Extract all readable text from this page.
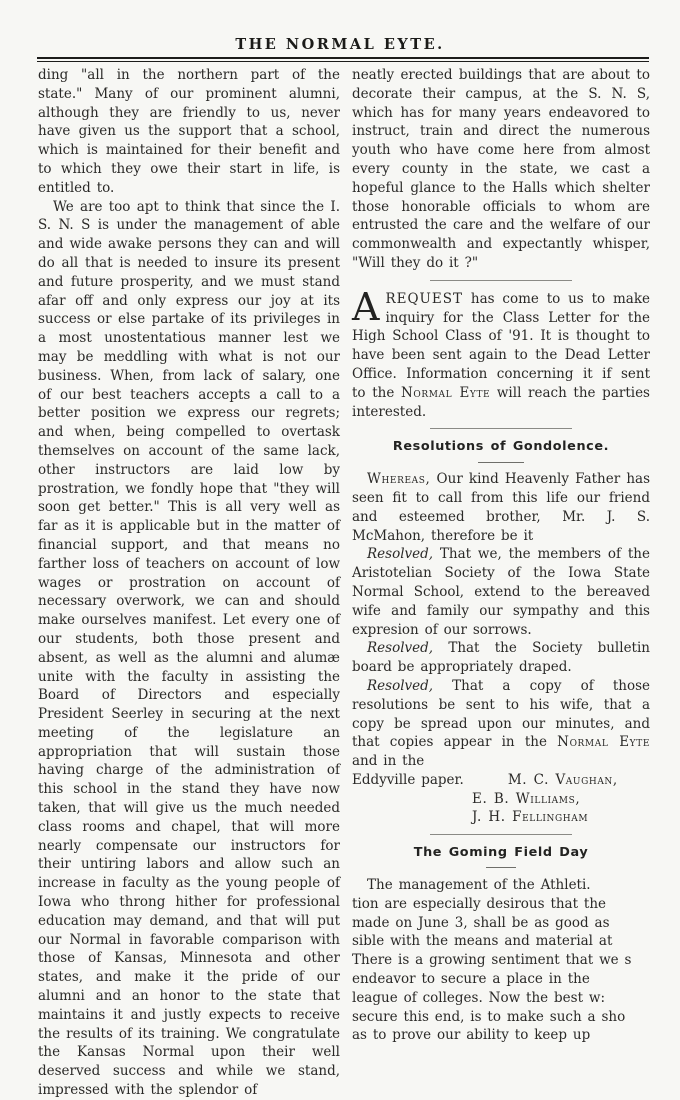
THE NORMAL EYTE.

ding "all in the northern part of the state." Many of our prominent alumni, although they are friendly to us, never have given us the support that a school, which is maintained for their benefit and to which they owe their start in life, is entitled to.

We are too apt to think that since the I. S. N. S is under the management of able and wide awake persons they can and will do all that is needed to insure its present and future prosperity, and we must stand afar off and only express our joy at its success or else partake of its privileges in a most unostentatious manner lest we may be meddling with what is not our business. When, from lack of salary, one of our best teachers accepts a call to a better position we express our regrets; and when, being compelled to overtask themselves on account of the same lack, other instructors are laid low by prostration, we fondly hope that "they will soon get better." This is all very well as far as it is applicable but in the matter of financial support, and that means no farther loss of teachers on account of low wages or prostration on account of necessary overwork, we can and should make ourselves manifest. Let every one of our students, both those present and absent, as well as the alumni and alumæ unite with the faculty in assisting the Board of Directors and especially President Seerley in securing at the next meeting of the legislature an appropriation that will sustain those having charge of the administration of this school in the stand they have now taken, that will give us the much needed class rooms and chapel, that will more nearly compensate our instructors for their untiring labors and allow such an increase in faculty as the young people of Iowa who throng hither for professional education may demand, and that will put our Normal in favorable comparison with those of Kansas, Minnesota and other states, and make it the pride of our alumni and an honor to the state that maintains it and justly expects to receive the results of its training. We congratulate the Kansas Normal upon their well deserved success and while we stand, impressed with the splendor of

neatly erected buildings that are about to decorate their campus, at the S. N. S, which has for many years endeavored to instruct, train and direct the numerous youth who have come here from almost every county in the state, we cast a hopeful glance to the Halls which shelter those honorable officials to whom are entrusted the care and the welfare of our commonwealth and expectantly whisper, "Will they do it ?"

AREQUEST has come to us to make inquiry for the Class Letter for the High School Class of '91. It is thought to have been sent again to the Dead Letter Office. Information concerning it if sent to the Normal Eyte will reach the parties interested.

Resolutions of Gondolence.

Whereas, Our kind Heavenly Father has seen fit to call from this life our friend and esteemed brother, Mr. J. S. McMahon, therefore be it

Resolved, That we, the members of the Aristotelian Society of the Iowa State Normal School, extend to the bereaved wife and family our sympathy and this expresion of our sorrows.

Resolved, That the Society bulletin board be appropriately draped.

Resolved, That a copy of those resolutions be sent to his wife, that a copy be spread upon our minutes, and that copies appear in the Normal Eyte and in the

Eddyville paper.	M. C. Vaughan,
E. B. Williams,
J. H. Fellingham
The Goming Field Day
The management of the Athleti.
tion are especially desirous that the
made on June 3, shall be as good as
sible with the means and material at
There is a growing sentiment that we s
endeavor to secure a place in the
league of colleges. Now the best w:
secure this end, is to make such a sho
as to prove our ability to keep up
